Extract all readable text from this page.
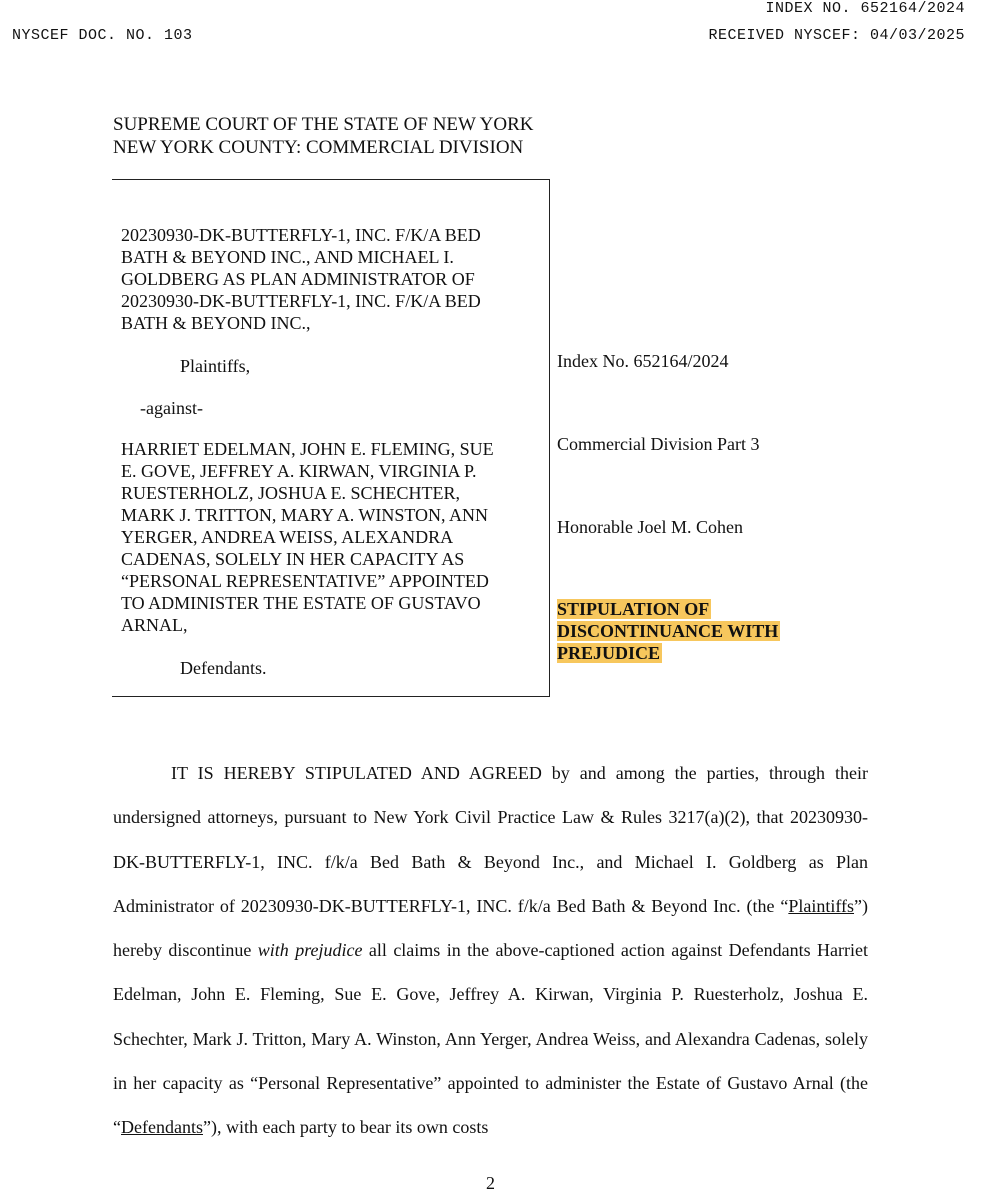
INDEX NO. 652164/2024
NYSCEF DOC. NO. 103	RECEIVED NYSCEF: 04/03/2025
SUPREME COURT OF THE STATE OF NEW YORK
NEW YORK COUNTY: COMMERCIAL DIVISION
20230930-DK-BUTTERFLY-1, INC. F/K/A BED
BATH & BEYOND INC., AND MICHAEL I.
GOLDBERG AS PLAN ADMINISTRATOR OF
20230930-DK-BUTTERFLY-1, INC. F/K/A BED
BATH & BEYOND INC.,
Plaintiffs,
-against-
HARRIET EDELMAN, JOHN E. FLEMING, SUE
E. GOVE, JEFFREY A. KIRWAN, VIRGINIA P.
RUESTERHOLZ, JOSHUA E. SCHECHTER,
MARK J. TRITTON, MARY A. WINSTON, ANN
YERGER, ANDREA WEISS, ALEXANDRA
CADENAS, SOLELY IN HER CAPACITY AS
“PERSONAL REPRESENTATIVE” APPOINTED
TO ADMINISTER THE ESTATE OF GUSTAVO
ARNAL,
Defendants.
Index No. 652164/2024
Commercial Division Part 3
Honorable Joel M. Cohen
STIPULATION OF
DISCONTINUANCE WITH
PREJUDICE

IT IS HEREBY STIPULATED AND AGREED by and among the parties, through their undersigned attorneys, pursuant to New York Civil Practice Law & Rules 3217(a)(2), that 20230930-DK-BUTTERFLY-1, INC. f/k/a Bed Bath & Beyond Inc., and Michael I. Goldberg as Plan Administrator of 20230930-DK-BUTTERFLY-1, INC. f/k/a Bed Bath & Beyond Inc. (the “Plaintiffs”) hereby discontinue with prejudice all claims in the above-captioned action against Defendants Harriet Edelman, John E. Fleming, Sue E. Gove, Jeffrey A. Kirwan, Virginia P. Ruesterholz, Joshua E. Schechter, Mark J. Tritton, Mary A. Winston, Ann Yerger, Andrea Weiss, and Alexandra Cadenas, solely in her capacity as “Personal Representative” appointed to administer the Estate of Gustavo Arnal (the “Defendants”), with each party to bear its own costs

2
